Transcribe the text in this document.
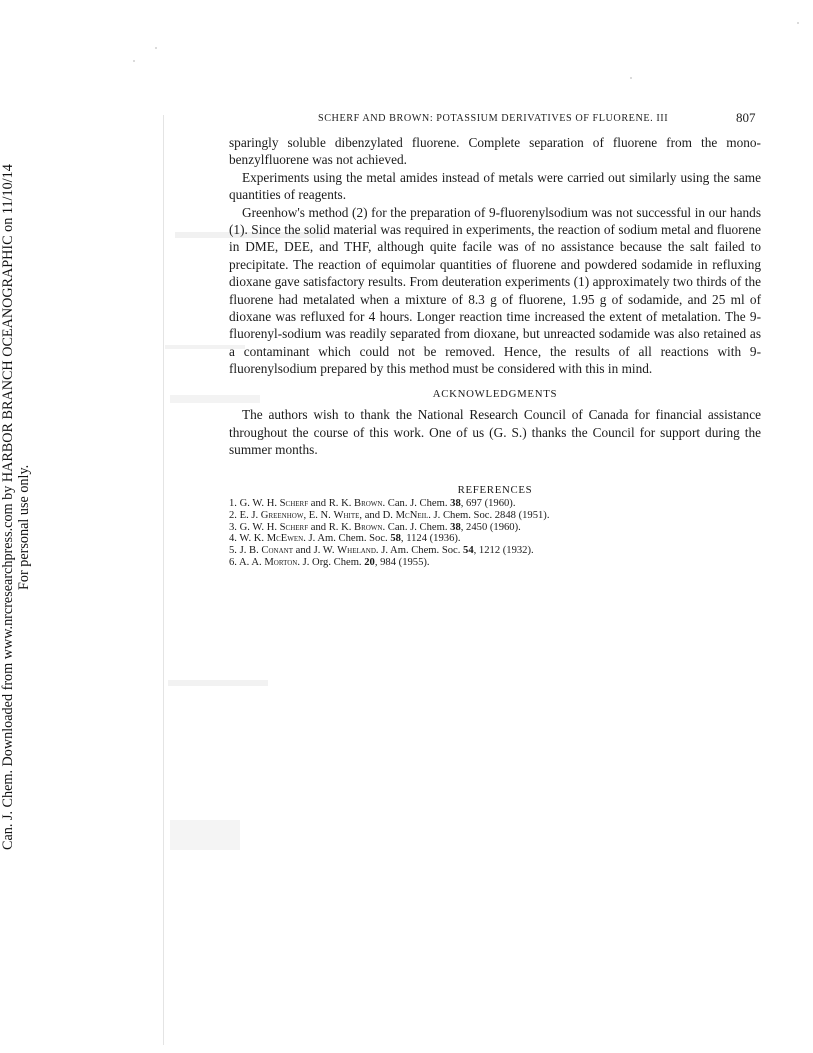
Can. J. Chem. Downloaded from www.nrcresearchpress.com by HARBOR BRANCH OCEANOGRAPHIC on 11/10/14 For personal use only.
SCHERF AND BROWN: POTASSIUM DERIVATIVES OF FLUORENE. III	807

sparingly soluble dibenzylated fluorene. Complete separation of fluorene from the mono-benzylfluorene was not achieved.

Experiments using the metal amides instead of metals were carried out similarly using the same quantities of reagents.

Greenhow's method (2) for the preparation of 9-fluorenylsodium was not successful in our hands (1). Since the solid material was required in experiments, the reaction of sodium metal and fluorene in DME, DEE, and THF, although quite facile was of no assistance because the salt failed to precipitate. The reaction of equimolar quantities of fluorene and powdered sodamide in refluxing dioxane gave satisfactory results. From deuteration experiments (1) approximately two thirds of the fluorene had metalated when a mixture of 8.3 g of fluorene, 1.95 g of sodamide, and 25 ml of dioxane was refluxed for 4 hours. Longer reaction time increased the extent of metalation. The 9-fluorenyl-sodium was readily separated from dioxane, but unreacted sodamide was also retained as a contaminant which could not be removed. Hence, the results of all reactions with 9-fluorenylsodium prepared by this method must be considered with this in mind.

ACKNOWLEDGMENTS

The authors wish to thank the National Research Council of Canada for financial assistance throughout the course of this work. One of us (G. S.) thanks the Council for support during the summer months.

REFERENCES
1. G. W. H. Scherf and R. K. Brown. Can. J. Chem. 38, 697 (1960).
2. E. J. Greenhow, E. N. White, and D. McNeil. J. Chem. Soc. 2848 (1951).
3. G. W. H. Scherf and R. K. Brown. Can. J. Chem. 38, 2450 (1960).
4. W. K. McEwen. J. Am. Chem. Soc. 58, 1124 (1936).
5. J. B. Conant and J. W. Wheland. J. Am. Chem. Soc. 54, 1212 (1932).
6. A. A. Morton. J. Org. Chem. 20, 984 (1955).
